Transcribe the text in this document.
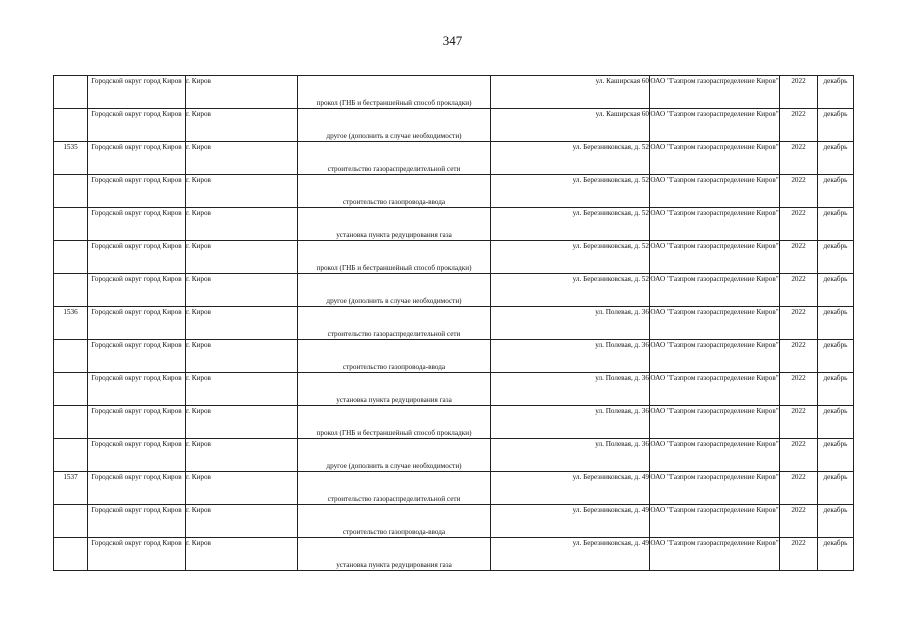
347
	Городской округ город Киров	г. Киров	прокол (ГНБ и бестраншейный способ прокладки)	ул. Каширская 60	ОАО "Газпром газораспределение Киров"	2022	декабрь
	Городской округ город Киров	г. Киров	другое (дополнить в случае необходимости)	ул. Каширская 60	ОАО "Газпром газораспределение Киров"	2022	декабрь
1535	Городской округ город Киров	г. Киров	строительство газораспределительной сети	ул. Березниковская, д. 52	ОАО "Газпром газораспределение Киров"	2022	декабрь
	Городской округ город Киров	г. Киров	строительство газопровода-ввода	ул. Березниковская, д. 52	ОАО "Газпром газораспределение Киров"	2022	декабрь
	Городской округ город Киров	г. Киров	установка пункта редуцирования газа	ул. Березниковская, д. 52	ОАО "Газпром газораспределение Киров"	2022	декабрь
	Городской округ город Киров	г. Киров	прокол (ГНБ и бестраншейный способ прокладки)	ул. Березниковская, д. 52	ОАО "Газпром газораспределение Киров"	2022	декабрь
	Городской округ город Киров	г. Киров	другое (дополнить в случае необходимости)	ул. Березниковская, д. 52	ОАО "Газпром газораспределение Киров"	2022	декабрь
1536	Городской округ город Киров	г. Киров	строительство газораспределительной сети	ул. Полевая, д. 36	ОАО "Газпром газораспределение Киров"	2022	декабрь
	Городской округ город Киров	г. Киров	строительство газопровода-ввода	ул. Полевая, д. 36	ОАО "Газпром газораспределение Киров"	2022	декабрь
	Городской округ город Киров	г. Киров	установка пункта редуцирования газа	ул. Полевая, д. 36	ОАО "Газпром газораспределение Киров"	2022	декабрь
	Городской округ город Киров	г. Киров	прокол (ГНБ и бестраншейный способ прокладки)	ул. Полевая, д. 36	ОАО "Газпром газораспределение Киров"	2022	декабрь
	Городской округ город Киров	г. Киров	другое (дополнить в случае необходимости)	ул. Полевая, д. 36	ОАО "Газпром газораспределение Киров"	2022	декабрь
1537	Городской округ город Киров	г. Киров	строительство газораспределительной сети	ул. Березниковская, д. 49	ОАО "Газпром газораспределение Киров"	2022	декабрь
	Городской округ город Киров	г. Киров	строительство газопровода-ввода	ул. Березниковская, д. 49	ОАО "Газпром газораспределение Киров"	2022	декабрь
	Городской округ город Киров	г. Киров	установка пункта редуцирования газа	ул. Березниковская, д. 49	ОАО "Газпром газораспределение Киров"	2022	декабрь
